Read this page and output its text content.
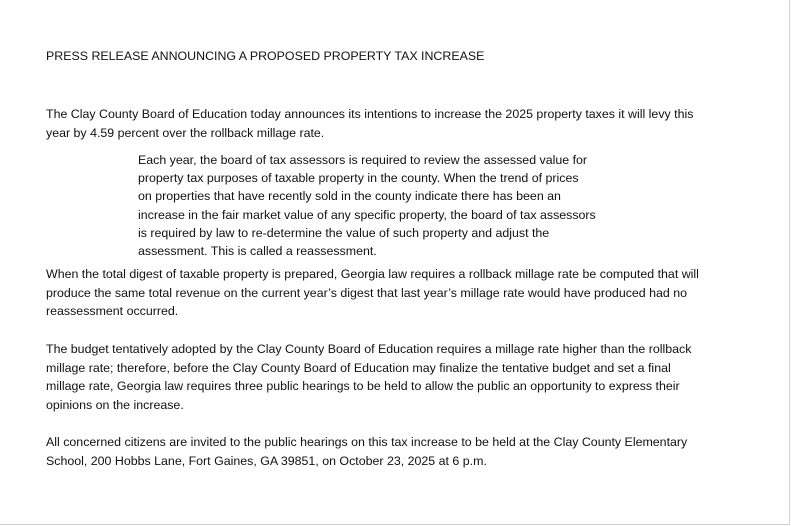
PRESS RELEASE ANNOUNCING A PROPOSED PROPERTY TAX INCREASE

The Clay County Board of Education today announces its intentions to increase the 2025 property taxes it will levy this
year by 4.59 percent over the rollback millage rate.

Each year, the board of tax assessors is required to review the assessed value for
property tax purposes of taxable property in the county. When the trend of prices
on properties that have recently sold in the county indicate there has been an
increase in the fair market value of any specific property, the board of tax assessors
is required by law to re-determine the value of such property and adjust the
assessment. This is called a reassessment.

When the total digest of taxable property is prepared, Georgia law requires a rollback millage rate be computed that will
produce the same total revenue on the current year’s digest that last year’s millage rate would have produced had no
reassessment occurred.

The budget tentatively adopted by the Clay County Board of Education requires a millage rate higher than the rollback
millage rate; therefore, before the Clay County Board of Education may finalize the tentative budget and set a final
millage rate, Georgia law requires three public hearings to be held to allow the public an opportunity to express their
opinions on the increase.

All concerned citizens are invited to the public hearings on this tax increase to be held at the Clay County Elementary
School, 200 Hobbs Lane, Fort Gaines, GA 39851, on October 23, 2025 at 6 p.m.
